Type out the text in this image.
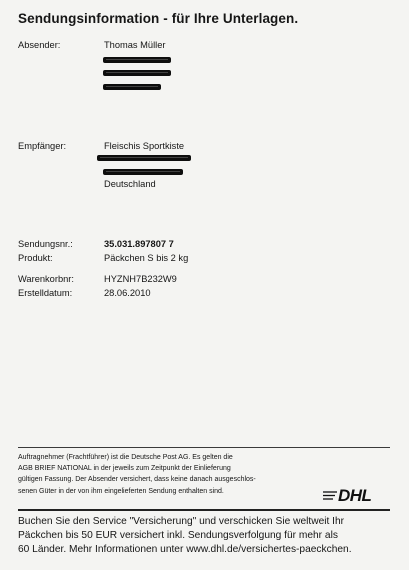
Sendungsinformation - für Ihre Unterlagen.
Absender:	Thomas Müller
Empfänger:	Fleischis Sportkiste
Deutschland
Sendungsnr.:	35.031.897807 7
Produkt:	Päckchen S bis 2 kg
Warenkorbnr:	HYZNH7B232W9
Erstelldatum:	28.06.2010
Auftragnehmer (Frachtführer) ist die Deutsche Post AG. Es gelten die
AGB BRIEF NATIONAL in der jeweils zum Zeitpunkt der Einlieferung
gültigen Fassung. Der Absender versichert, dass keine danach ausgeschlos-
senen Güter in der von ihm eingelieferten Sendung enthalten sind.	DHL
Buchen Sie den Service "Versicherung" und verschicken Sie weltweit Ihr
Päckchen bis 50 EUR versichert inkl. Sendungsverfolgung für mehr als
60 Länder. Mehr Informationen unter www.dhl.de/versichertes-paeckchen.
